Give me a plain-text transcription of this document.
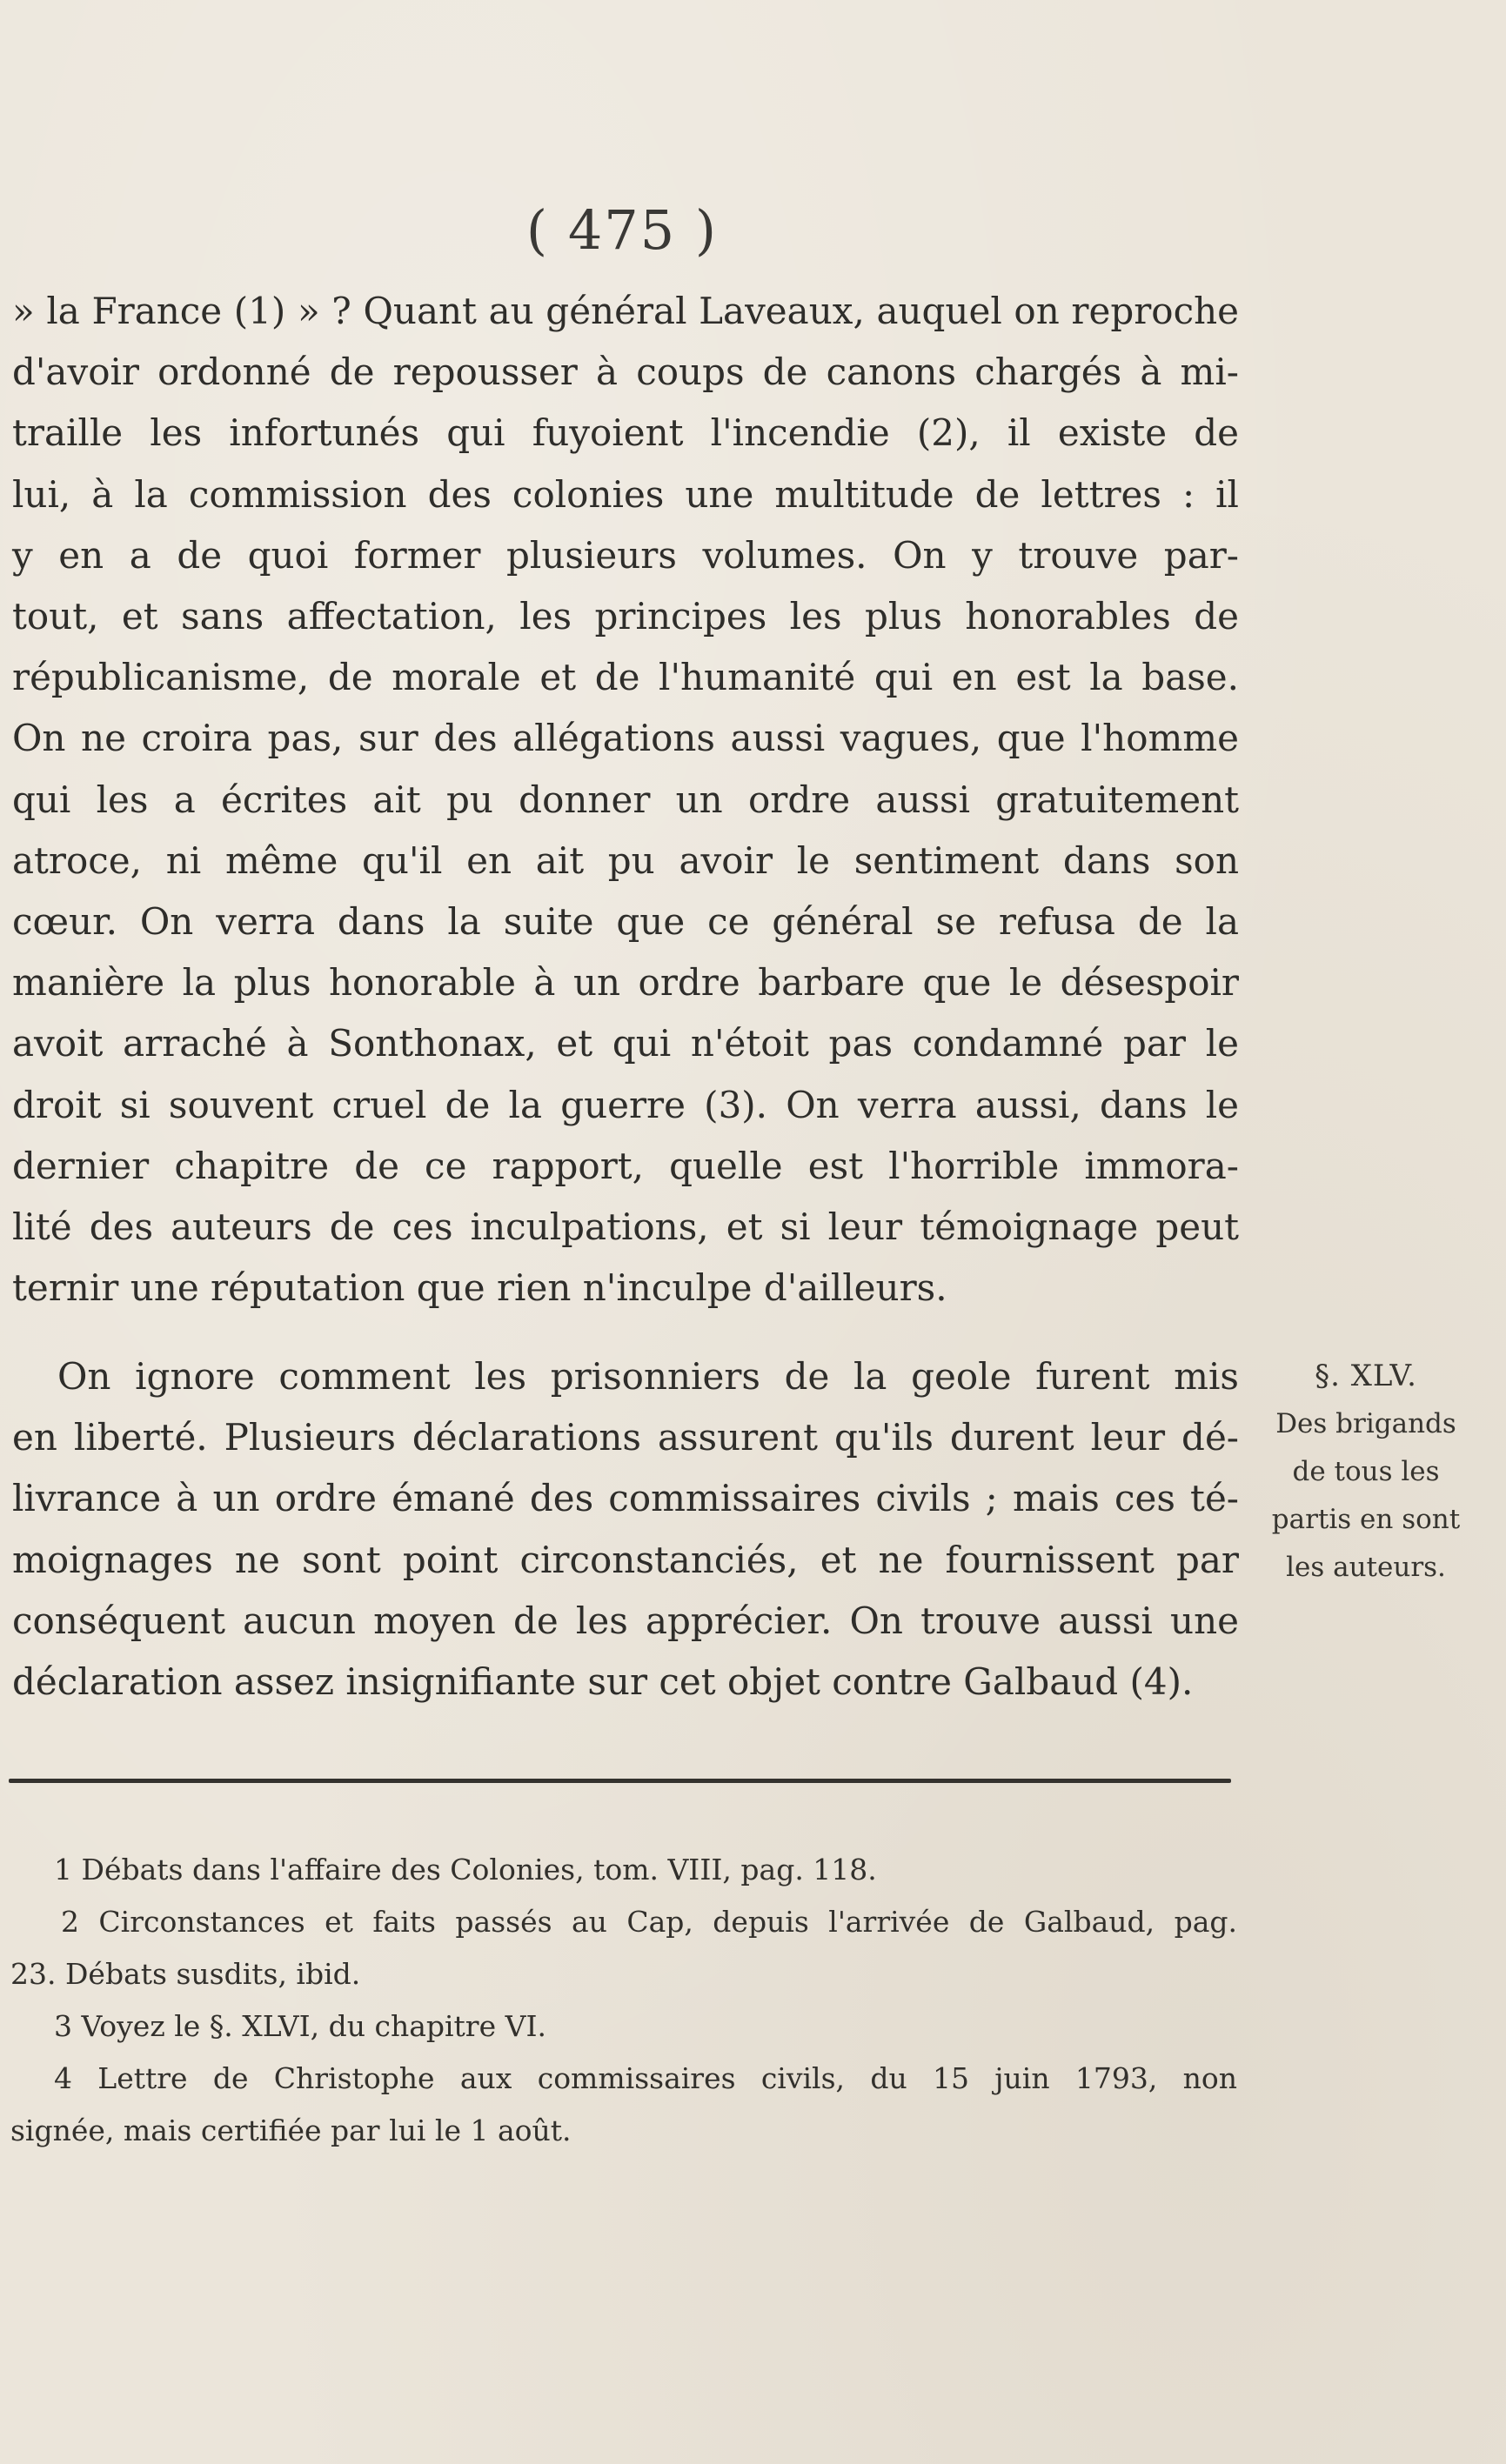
( 475 )
» la France (1) » ? Quant au général Laveaux, auquel on reproche
d'avoir ordonné de repousser à coups de canons chargés à mi-
traille les infortunés qui fuyoient l'incendie (2), il existe de
lui, à la commission des colonies une multitude de lettres : il
y en a de quoi former plusieurs volumes. On y trouve par-
tout, et sans affectation, les principes les plus honorables de
républicanisme, de morale et de l'humanité qui en est la base.
On ne croira pas, sur des allégations aussi vagues, que l'homme
qui les a écrites ait pu donner un ordre aussi gratuitement
atroce, ni même qu'il en ait pu avoir le sentiment dans son
cœur. On verra dans la suite que ce général se refusa de la
manière la plus honorable à un ordre barbare que le désespoir
avoit arraché à Sonthonax, et qui n'étoit pas condamné par le
droit si souvent cruel de la guerre (3). On verra aussi, dans le
dernier chapitre de ce rapport, quelle est l'horrible immora-
lité des auteurs de ces inculpations, et si leur témoignage peut
ternir une réputation que rien n'inculpe d'ailleurs.
On ignore comment les prisonniers de la geole furent mis
en liberté. Plusieurs déclarations assurent qu'ils durent leur dé-
livrance à un ordre émané des commissaires civils ; mais ces té-
moignages ne sont point circonstanciés, et ne fournissent par
conséquent aucun moyen de les apprécier. On trouve aussi une
déclaration assez insignifiante sur cet objet contre Galbaud (4).
§. XLV.
Des brigands
de tous les
partis en sont
les auteurs.
1 Débats dans l'affaire des Colonies, tom. VIII, pag. 118.
2 Circonstances et faits passés au Cap, depuis l'arrivée de Galbaud, pag.
23. Débats susdits, ibid.
3 Voyez le §. XLVI, du chapitre VI.
4 Lettre de Christophe aux commissaires civils, du 15 juin 1793, non
signée, mais certifiée par lui le 1 août.
